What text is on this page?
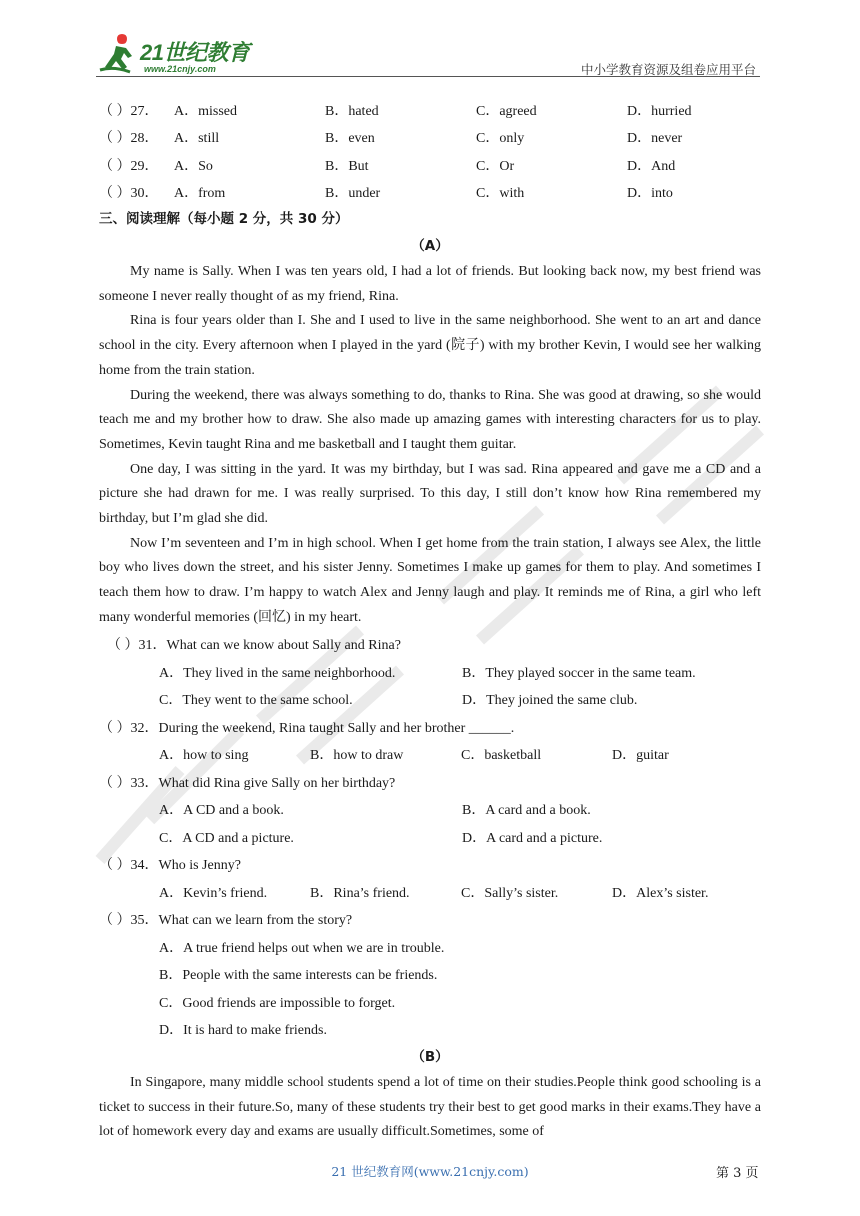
21世纪教育
www.21cnjy.com	中小学教育资源及组卷应用平台
（ ）27．	A．missed	B．hated	C．agreed	D．hurried
（ ）28．	A．still	B．even	C．only	D．never
（ ）29．	A．So	B．But	C．Or	D．And
（ ）30．	A．from	B．under	C．with	D．into
三、阅读理解（每小题 2 分，共 30 分）
（A）

My name is Sally. When I was ten years old, I had a lot of friends. But looking back now, my best friend was someone I never really thought of as my friend, Rina.

Rina is four years older than I. She and I used to live in the same neighborhood. She went to an art and dance school in the city. Every afternoon when I played in the yard (院子) with my brother Kevin, I would see her walking home from the train station.

During the weekend, there was always something to do, thanks to Rina. She was good at drawing, so she would teach me and my brother how to draw. She also made up amazing games with interesting characters for us to play. Sometimes, Kevin taught Rina and me basketball and I taught them guitar.

One day, I was sitting in the yard. It was my birthday, but I was sad. Rina appeared and gave me a CD and a picture she had drawn for me. I was really surprised. To this day, I still don’t know how Rina remembered my birthday, but I’m glad she did.

Now I’m seventeen and I’m in high school. When I get home from the train station, I always see Alex, the little boy who lives down the street, and his sister Jenny. Sometimes I make up games for them to play. And sometimes I teach them how to draw. I’m happy to watch Alex and Jenny laugh and play. It reminds me of Rina, a girl who left many wonderful memories (回忆) in my heart.

（ ）31．What can we know about Sally and Rina?
A．They lived in the same neighborhood.	B．They played soccer in the same team.
C．They went to the same school.	D．They joined the same club.
（ ）32．During the weekend, Rina taught Sally and her brother ______.
A．how to sing	B．how to draw	C．basketball	D．guitar
（ ）33．What did Rina give Sally on her birthday?
A．A CD and a book.	B．A card and a book.
C．A CD and a picture.	D．A card and a picture.
（ ）34．Who is Jenny?
A．Kevin’s friend.	B．Rina’s friend.	C．Sally’s sister.	D．Alex’s sister.
（ ）35．What can we learn from the story?
A．A true friend helps out when we are in trouble.
B．People with the same interests can be friends.
C．Good friends are impossible to forget.
D．It is hard to make friends.
（B）

In Singapore, many middle school students spend a lot of time on their studies.People think good schooling is a ticket to success in their future.So, many of these students try their best to get good marks in their exams.They have a lot of homework every day and exams are usually difficult.Sometimes, some of

21 世纪教育网(www.21cnjy.com)	第 3 页
